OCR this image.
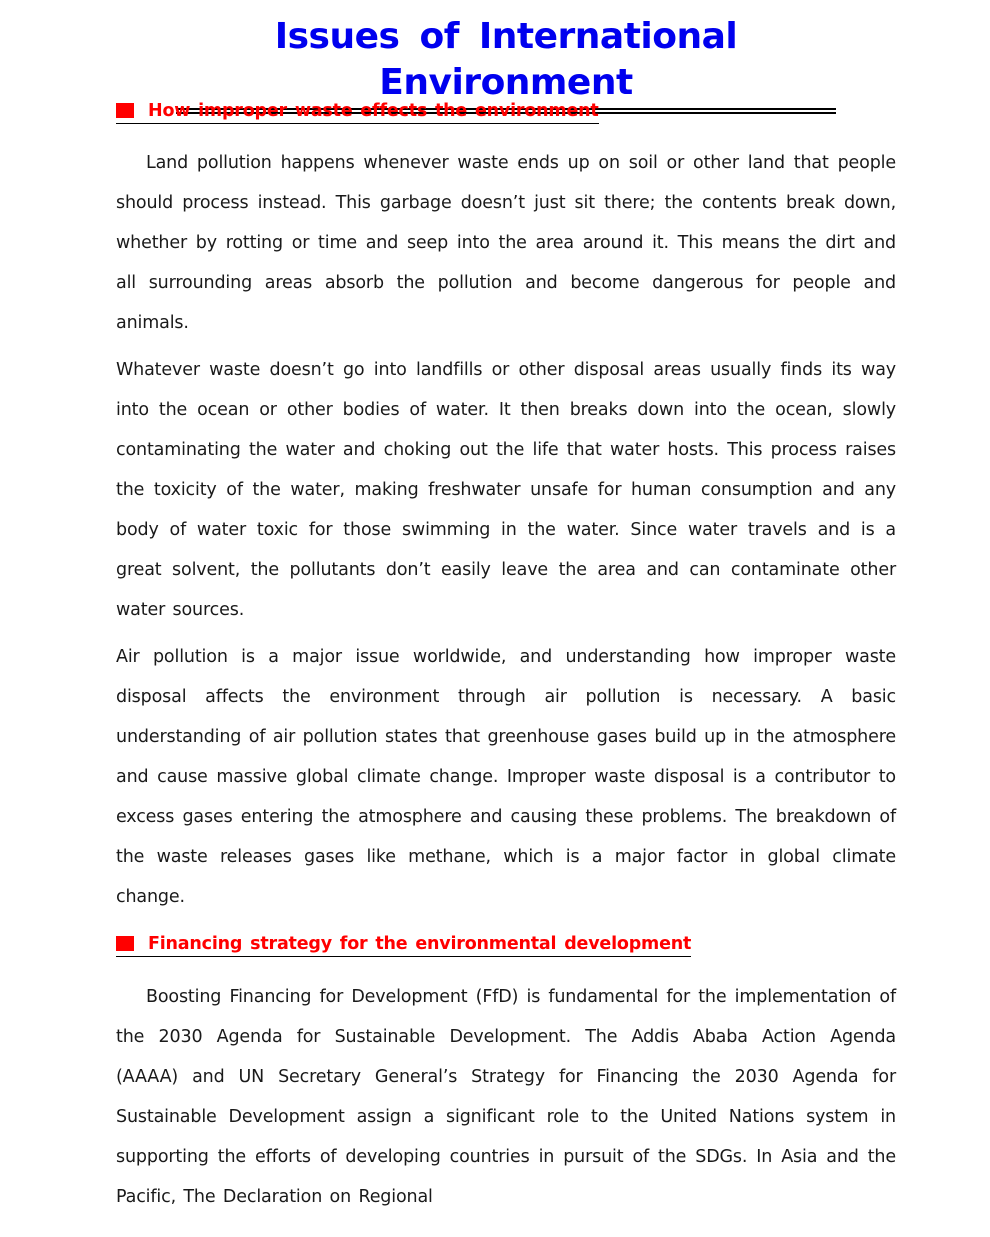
Issues of International Environment
How improper waste effects the environment

Land pollution happens whenever waste ends up on soil or other land that people should process instead. This garbage doesn’t just sit there; the contents break down, whether by rotting or time and seep into the area around it. This means the dirt and all surrounding areas absorb the pollution and become dangerous for people and animals.

Whatever waste doesn’t go into landfills or other disposal areas usually finds its way into the ocean or other bodies of water. It then breaks down into the ocean, slowly contaminating the water and choking out the life that water hosts. This process raises the toxicity of the water, making freshwater unsafe for human consumption and any body of water toxic for those swimming in the water. Since water travels and is a great solvent, the pollutants don’t easily leave the area and can contaminate other water sources.

Air pollution is a major issue worldwide, and understanding how improper waste disposal affects the environment through air pollution is necessary. A basic understanding of air pollution states that greenhouse gases build up in the atmosphere and cause massive global climate change. Improper waste disposal is a contributor to excess gases entering the atmosphere and causing these problems. The breakdown of the waste releases gases like methane, which is a major factor in global climate change.

Financing strategy for the environmental development

Boosting Financing for Development (FfD) is fundamental for the implementation of the 2030 Agenda for Sustainable Development. The Addis Ababa Action Agenda (AAAA) and UN Secretary General’s Strategy for Financing the 2030 Agenda for Sustainable Development assign a significant role to the United Nations system in supporting the efforts of developing countries in pursuit of the SDGs. In Asia and the Pacific, The Declaration on Regional
